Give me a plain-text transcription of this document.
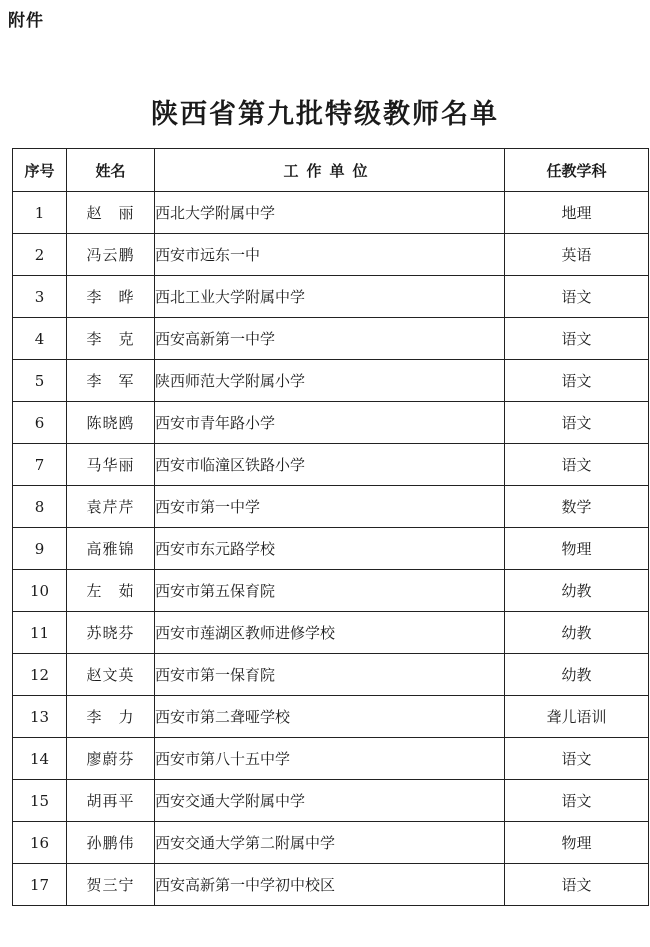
附件
陕西省第九批特级教师名单
序号	姓名	工作单位	任教学科
1	赵　丽	西北大学附属中学	地理
2	冯云鹏	西安市远东一中	英语
3	李　晔	西北工业大学附属中学	语文
4	李　克	西安高新第一中学	语文
5	李　军	陕西师范大学附属小学	语文
6	陈晓鸥	西安市青年路小学	语文
7	马华丽	西安市临潼区铁路小学	语文
8	袁芹芹	西安市第一中学	数学
9	高雅锦	西安市东元路学校	物理
10	左　茹	西安市第五保育院	幼教
11	苏晓芬	西安市莲湖区教师进修学校	幼教
12	赵文英	西安市第一保育院	幼教
13	李　力	西安市第二聋哑学校	聋儿语训
14	廖蔚芬	西安市第八十五中学	语文
15	胡再平	西安交通大学附属中学	语文
16	孙鹏伟	西安交通大学第二附属中学	物理
17	贺三宁	西安高新第一中学初中校区	语文
